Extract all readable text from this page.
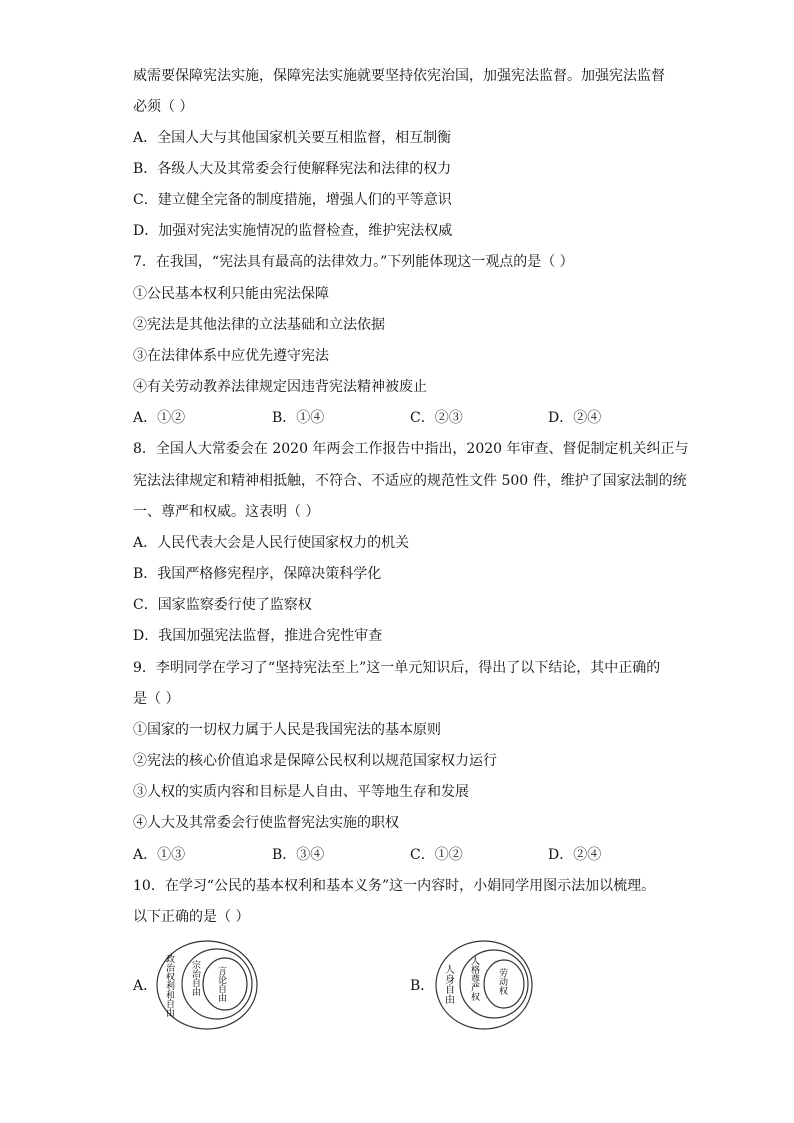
威需要保障宪法实施，保障宪法实施就要坚持依宪治国，加强宪法监督。加强宪法监督
必须（ ）
A．全国人大与其他国家机关要互相监督，相互制衡
B．各级人大及其常委会行使解释宪法和法律的权力
C．建立健全完备的制度措施，增强人们的平等意识
D．加强对宪法实施情况的监督检查，维护宪法权威
7．在我国，“宪法具有最高的法律效力。”下列能体现这一观点的是（ ）
①公民基本权利只能由宪法保障
②宪法是其他法律的立法基础和立法依据
③在法律体系中应优先遵守宪法
④有关劳动教养法律规定因违背宪法精神被废止
A．①②	B．①④	C．②③	D．②④
8．全国人大常委会在 2020 年两会工作报告中指出，2020 年审查、督促制定机关纠正与
宪法法律规定和精神相抵触，不符合、不适应的规范性文件 500 件，维护了国家法制的统
一、尊严和权威。这表明（ ）
A．人民代表大会是人民行使国家权力的机关
B．我国严格修宪程序，保障决策科学化
C．国家监察委行使了监察权
D．我国加强宪法监督，推进合宪性审查
9．李明同学在学习了“坚持宪法至上”这一单元知识后，得出了以下结论，其中正确的
是（ ）
①国家的一切权力属于人民是我国宪法的基本原则
②宪法的核心价值追求是保障公民权利以规范国家权力运行
③人权的实质内容和目标是人自由、平等地生存和发展
④人大及其常委会行使监督宪法实施的职权
A．①③	B．③④	C．①②	D．②④
10．在学习“公民的基本权利和基本义务”这一内容时，小娟同学用图示法加以梳理。
以下正确的是（ ）
A． 政治权利和自由 宗治自由 言论自由	B． 人身自由 人格尊严权 劳动权
